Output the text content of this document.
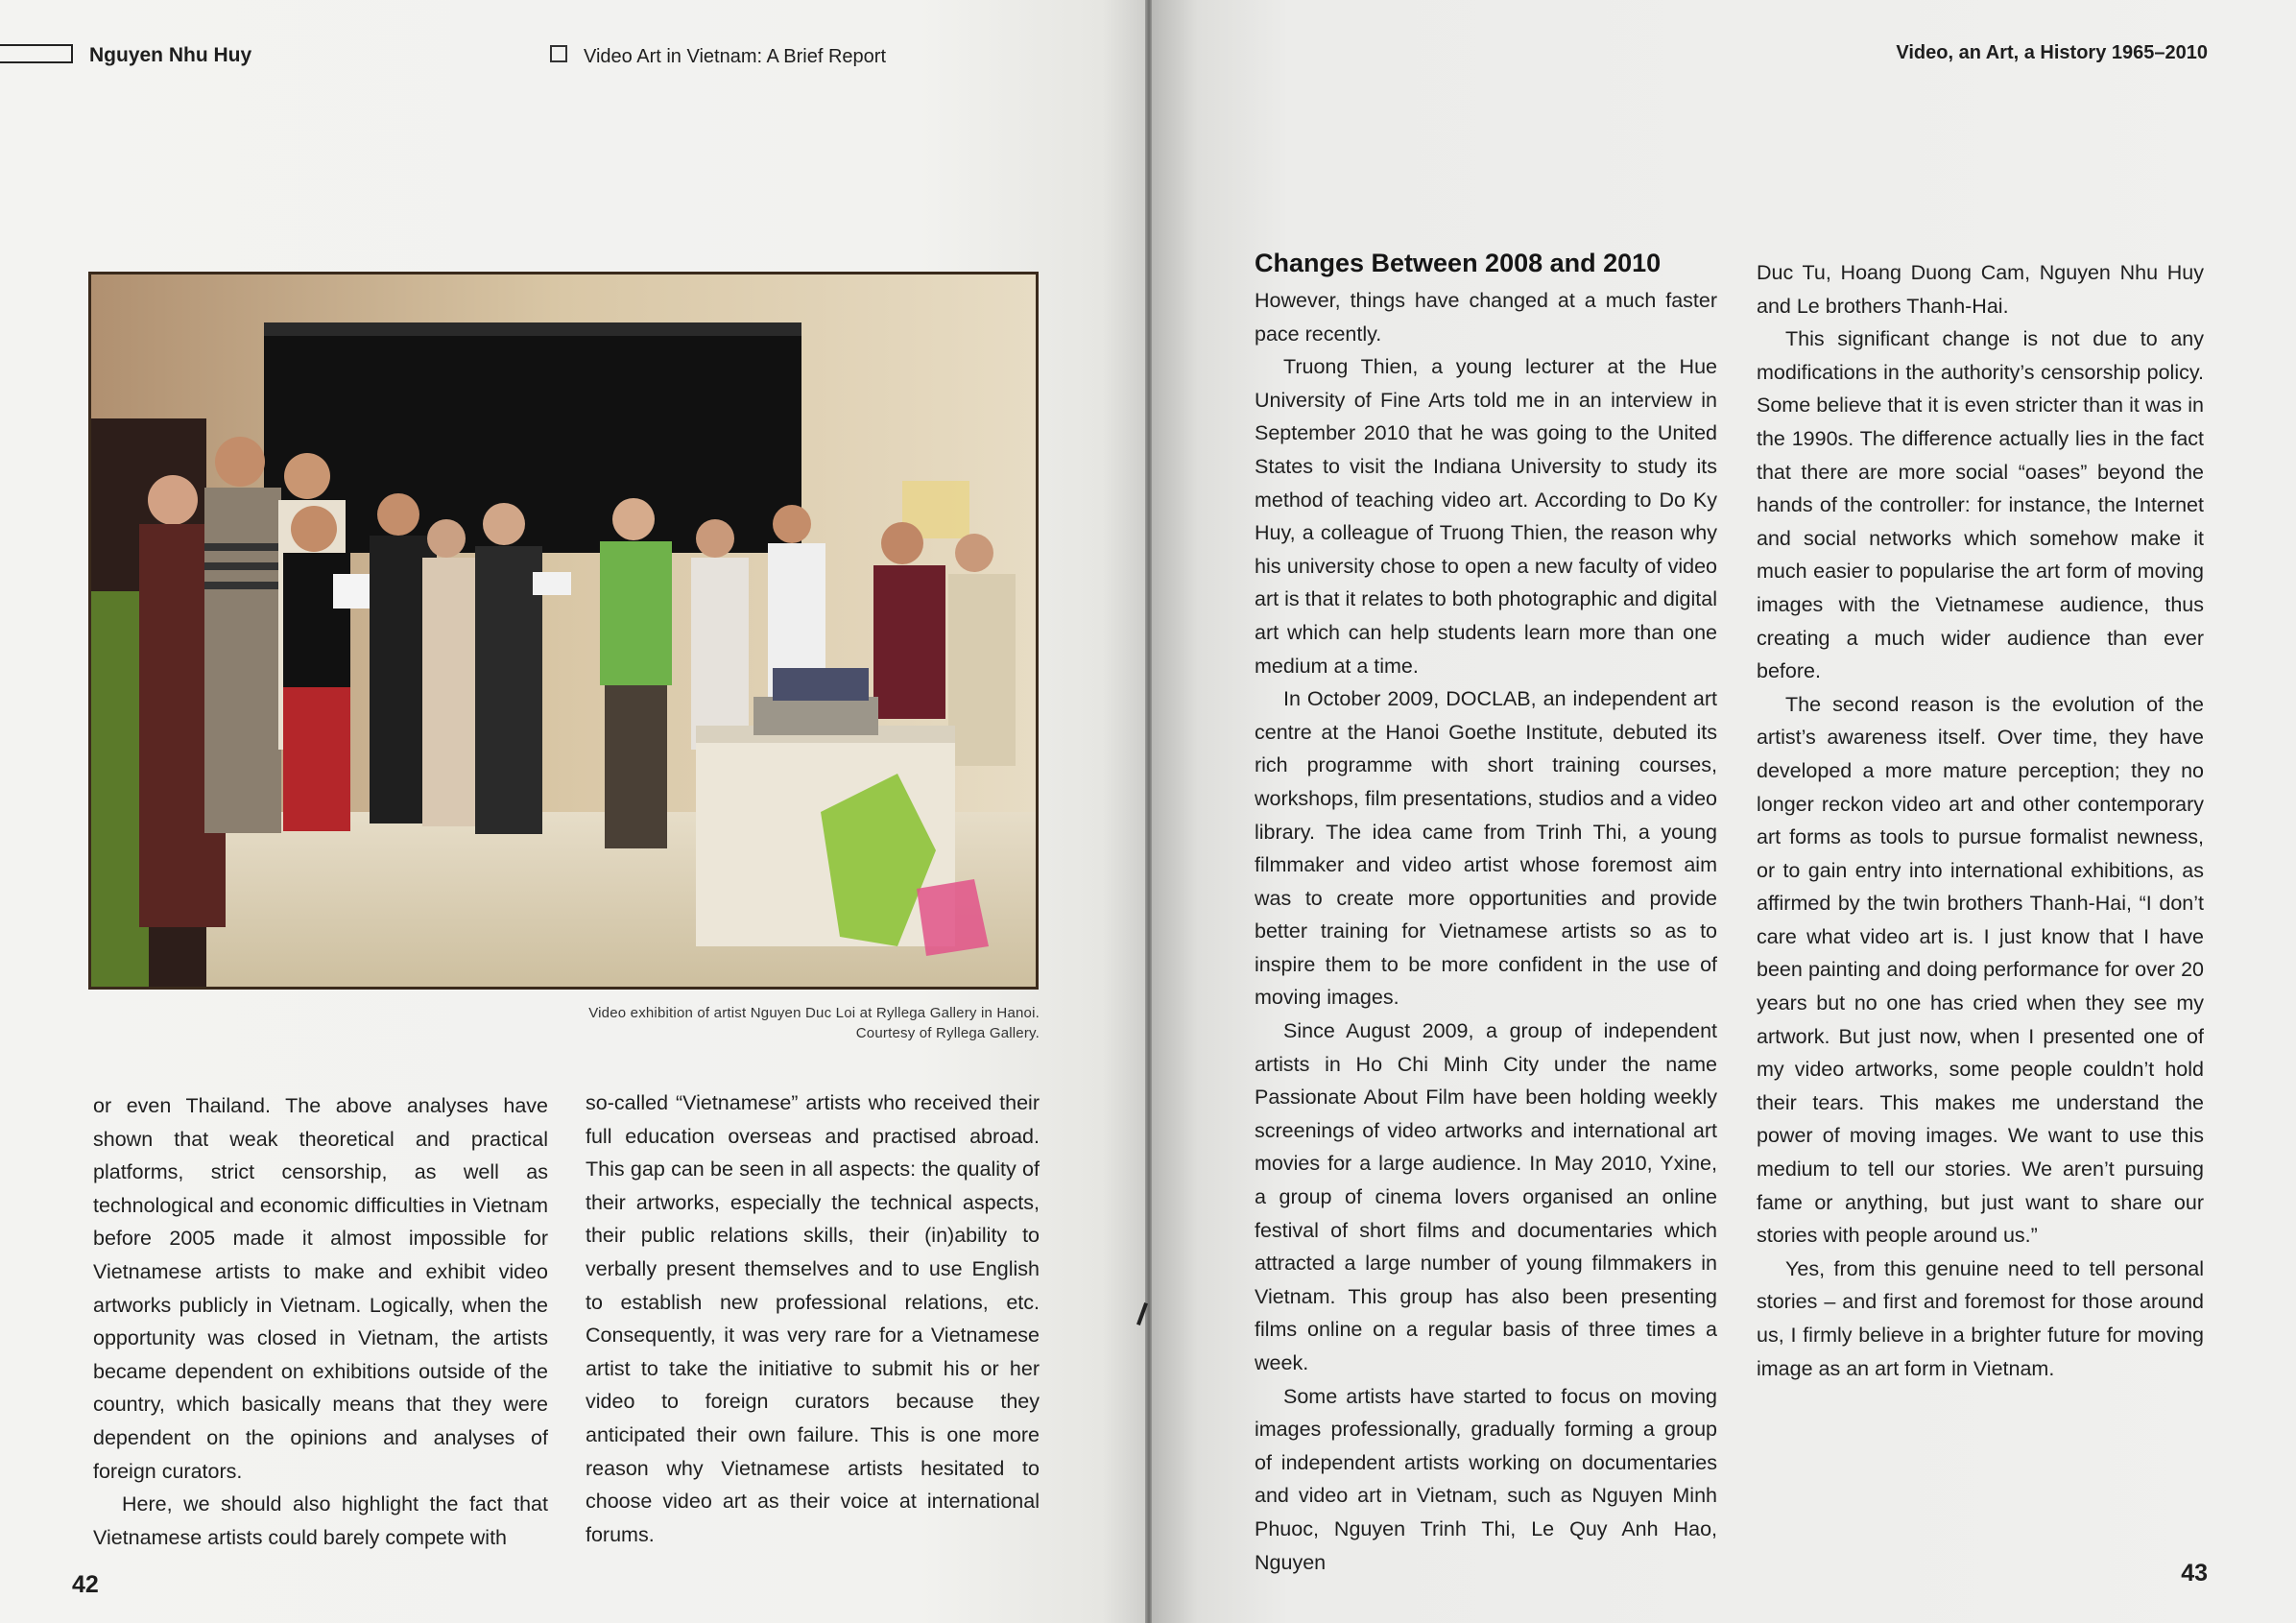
Nguyen Nhu Huy	Video Art in Vietnam: A Brief Report
Video exhibition of artist Nguyen Duc Loi at Ryllega Gallery in Hanoi.
Courtesy of Ryllega Gallery.

or even Thailand. The above analyses have shown that weak theoretical and practical platforms, strict censorship, as well as technological and economic difficulties in Vietnam before 2005 made it almost impossible for Vietnamese artists to make and exhibit video artworks publicly in Vietnam. Logically, when the opportunity was closed in Vietnam, the artists became dependent on exhibitions outside of the country, which basically means that they were dependent on the opinions and analyses of foreign curators.

Here, we should also highlight the fact that Vietnamese artists could barely compete with

so-called “Vietnamese” artists who received their full education overseas and practised abroad. This gap can be seen in all aspects: the quality of their artworks, especially the technical aspects, their public relations skills, their (in)ability to verbally present themselves and to use English to establish new professional relations, etc. Consequently, it was very rare for a Vietnamese artist to take the initiative to submit his or her video to foreign curators because they anticipated their own failure. This is one more reason why Vietnamese artists hesitated to choose video art as their voice at international forums.

42
Video, an Art, a History 1965–2010
43
Changes Between 2008 and 2010

However, things have changed at a much faster pace recently.

Truong Thien, a young lecturer at the Hue University of Fine Arts told me in an interview in September 2010 that he was going to the United States to visit the Indiana University to study its method of teaching video art. According to Do Ky Huy, a colleague of Truong Thien, the reason why his university chose to open a new faculty of video art is that it relates to both photographic and digital art which can help students learn more than one medium at a time.

In October 2009, DOCLAB, an independent art centre at the Hanoi Goethe Institute, debuted its rich programme with short training courses, workshops, film presentations, studios and a video library. The idea came from Trinh Thi, a young filmmaker and video artist whose foremost aim was to create more opportunities and provide better training for Vietnamese artists so as to inspire them to be more confident in the use of moving images.

Since August 2009, a group of independent artists in Ho Chi Minh City under the name Passionate About Film have been holding weekly screenings of video artworks and international art movies for a large audience. In May 2010, Yxine, a group of cinema lovers organised an online festival of short films and documentaries which attracted a large number of young filmmakers in Vietnam. This group has also been presenting films online on a regular basis of three times a week.

Some artists have started to focus on moving images professionally, gradually forming a group of independent artists working on documentaries and video art in Vietnam, such as Nguyen Minh Phuoc, Nguyen Trinh Thi, Le Quy Anh Hao, Nguyen

Duc Tu, Hoang Duong Cam, Nguyen Nhu Huy and Le brothers Thanh-Hai.

This significant change is not due to any modifications in the authority’s censorship policy. Some believe that it is even stricter than it was in the 1990s. The difference actually lies in the fact that there are more social “oases” beyond the hands of the controller: for instance, the Internet and social networks which somehow make it much easier to popularise the art form of moving images with the Vietnamese audience, thus creating a much wider audience than ever before.

The second reason is the evolution of the artist’s awareness itself. Over time, they have developed a more mature perception; they no longer reckon video art and other contemporary art forms as tools to pursue formalist newness, or to gain entry into international exhibitions, as affirmed by the twin brothers Thanh-Hai, “I don’t care what video art is. I just know that I have been painting and doing performance for over 20 years but no one has cried when they see my artwork. But just now, when I presented one of my video artworks, some people couldn’t hold their tears. This makes me understand the power of moving images. We want to use this medium to tell our stories. We aren’t pursuing fame or anything, but just want to share our stories with people around us.”

Yes, from this genuine need to tell personal stories – and first and foremost for those around us, I firmly believe in a brighter future for moving image as an art form in Vietnam.
